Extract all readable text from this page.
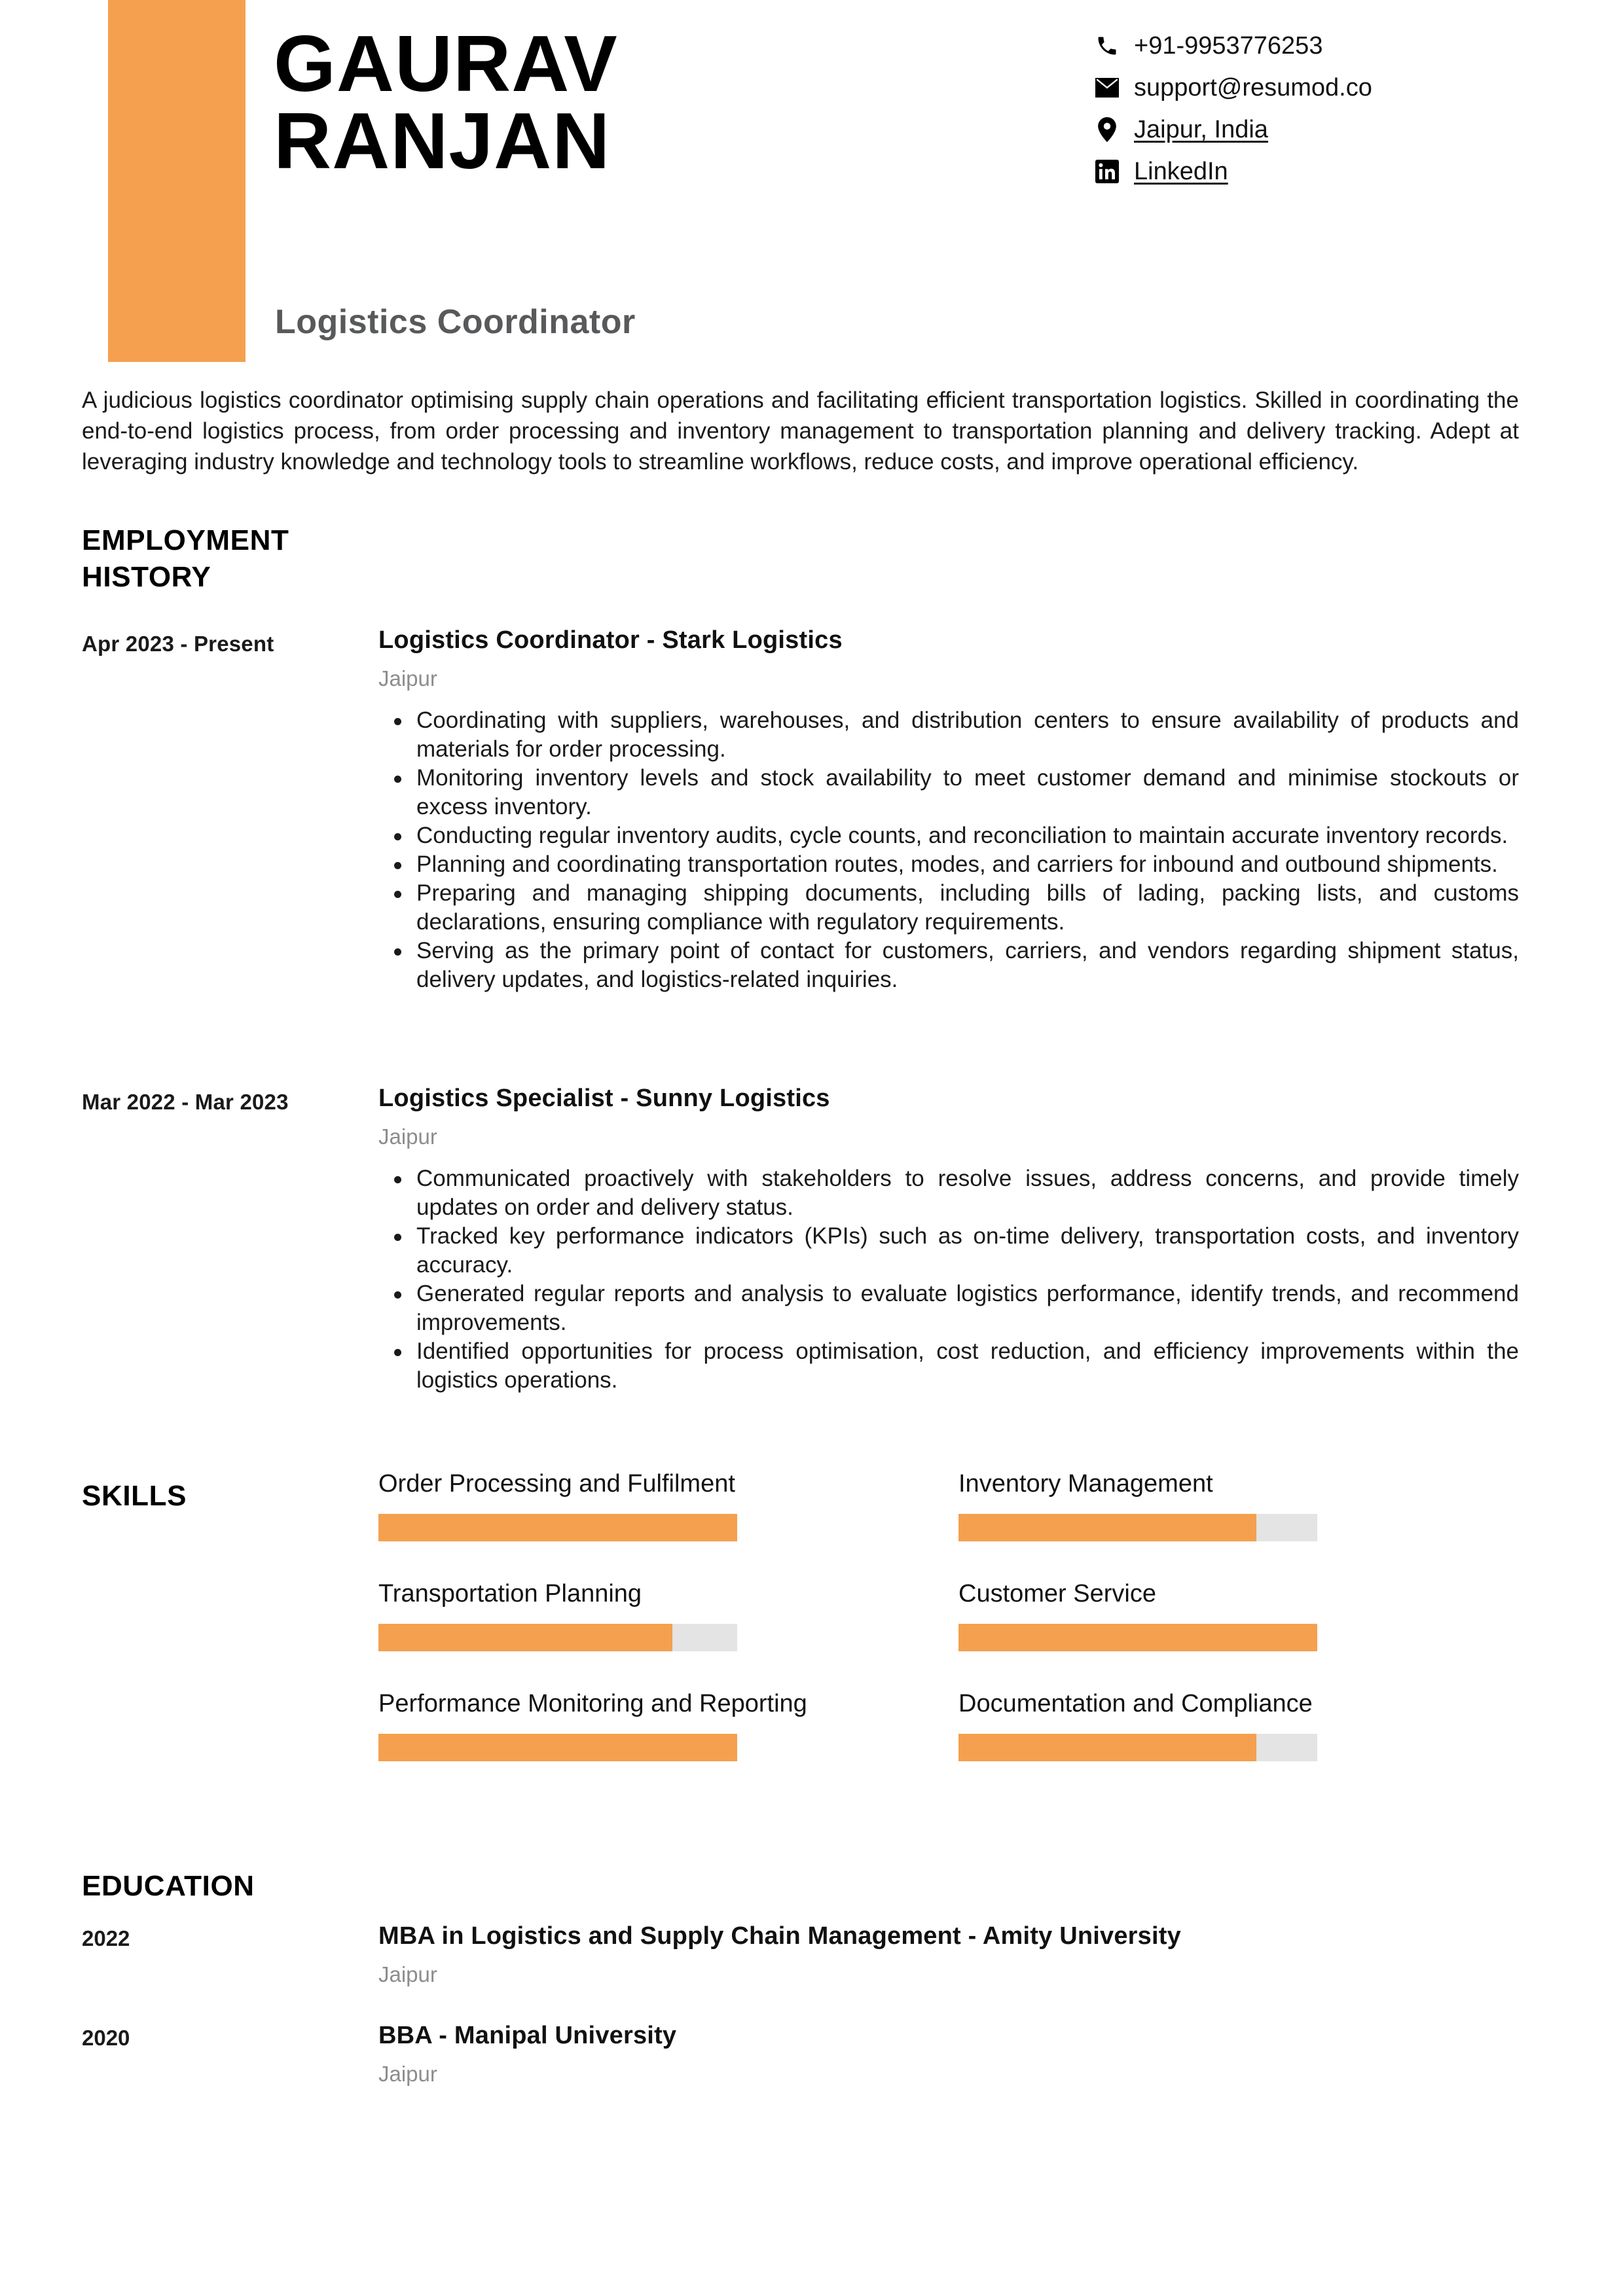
GAURAV
RANJAN
Logistics Coordinator
+91-9953776253
support@resumod.co
Jaipur, India
LinkedIn
A judicious logistics coordinator optimising supply chain operations and facilitating efficient transportation logistics. Skilled in coordinating the end-to-end logistics process, from order processing and inventory management to transportation planning and delivery tracking. Adept at leveraging industry knowledge and technology tools to streamline workflows, reduce costs, and improve operational efficiency.
EMPLOYMENT HISTORY
Apr 2023 - Present	Logistics Coordinator - Stark Logistics
Jaipur
Coordinating with suppliers, warehouses, and distribution centers to ensure availability of products and materials for order processing.
Monitoring inventory levels and stock availability to meet customer demand and minimise stockouts or excess inventory.
Conducting regular inventory audits, cycle counts, and reconciliation to maintain accurate inventory records.
Planning and coordinating transportation routes, modes, and carriers for inbound and outbound shipments.
Preparing and managing shipping documents, including bills of lading, packing lists, and customs declarations, ensuring compliance with regulatory requirements.
Serving as the primary point of contact for customers, carriers, and vendors regarding shipment status, delivery updates, and logistics-related inquiries.
Mar 2022 - Mar 2023	Logistics Specialist - Sunny Logistics
Jaipur
Communicated proactively with stakeholders to resolve issues, address concerns, and provide timely updates on order and delivery status.
Tracked key performance indicators (KPIs) such as on-time delivery, transportation costs, and inventory accuracy.
Generated regular reports and analysis to evaluate logistics performance, identify trends, and recommend improvements.
Identified opportunities for process optimisation, cost reduction, and efficiency improvements within the logistics operations.
SKILLS	Order Processing and Fulfilment	Inventory Management
Transportation Planning	Customer Service
Performance Monitoring and Reporting	Documentation and Compliance
EDUCATION
2022	MBA in Logistics and Supply Chain Management - Amity University
Jaipur
2020	BBA - Manipal University
Jaipur
